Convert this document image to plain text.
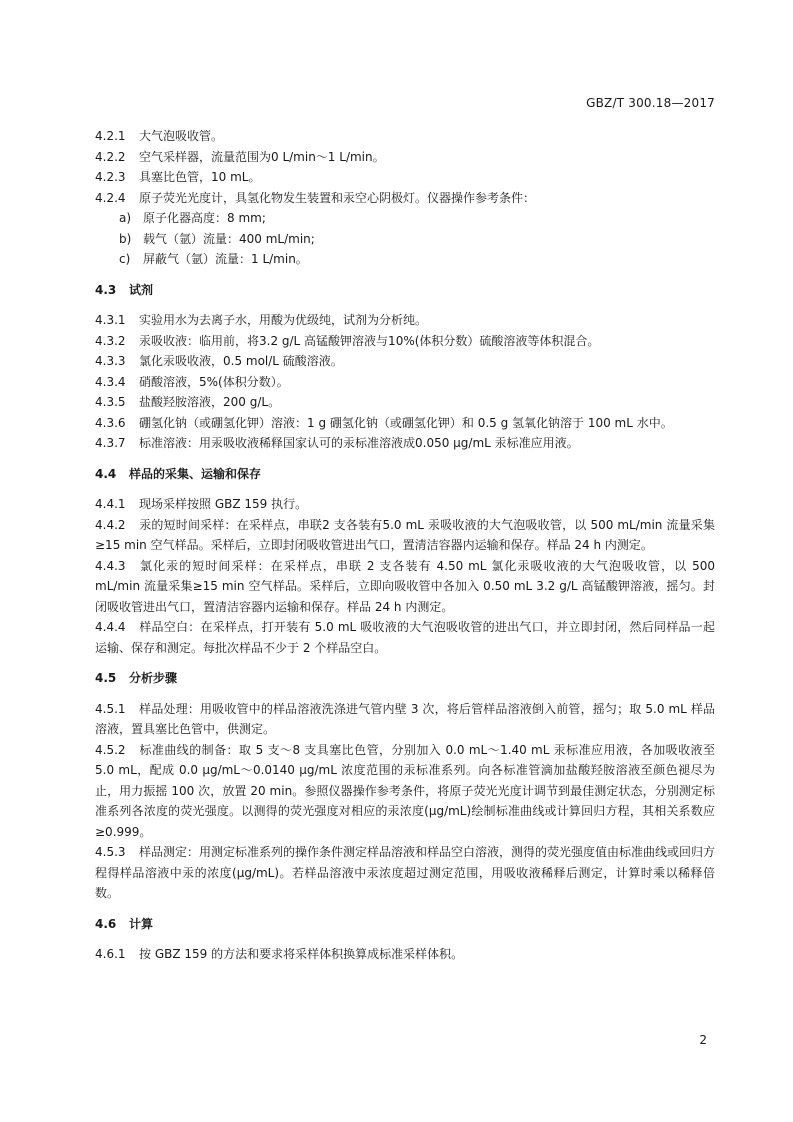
GBZ/T 300.18—2017

4.2.1 大气泡吸收管。

4.2.2 空气采样器，流量范围为0 L/min～1 L/min。

4.2.3 具塞比色管，10 mL。

4.2.4 原子荧光光度计，具氢化物发生装置和汞空心阴极灯。仪器操作参考条件：

a) 原子化器高度：8 mm;

b) 载气（氩）流量：400 mL/min;

c) 屏蔽气（氩）流量：1 L/min。

4.3 试剂

4.3.1 实验用水为去离子水，用酸为优级纯，试剂为分析纯。

4.3.2 汞吸收液：临用前，将3.2 g/L 高锰酸钾溶液与10%(体积分数）硫酸溶液等体积混合。

4.3.3 氯化汞吸收液，0.5 mol/L 硫酸溶液。

4.3.4 硝酸溶液，5%(体积分数）。

4.3.5 盐酸羟胺溶液，200 g/L。

4.3.6 硼氢化钠（或硼氢化钾）溶液：1 g 硼氢化钠（或硼氢化钾）和 0.5 g 氢氧化钠溶于 100 mL 水中。

4.3.7 标准溶液：用汞吸收液稀释国家认可的汞标准溶液成0.050 μg/mL 汞标准应用液。

4.4 样品的采集、运输和保存

4.4.1 现场采样按照 GBZ 159 执行。

4.4.2 汞的短时间采样：在采样点，串联2 支各装有5.0 mL 汞吸收液的大气泡吸收管，以 500 mL/min 流量采集≥15 min 空气样品。采样后，立即封闭吸收管进出气口，置清洁容器内运输和保存。样品 24 h 内测定。

4.4.3 氯化汞的短时间采样：在采样点，串联 2 支各装有 4.50 mL 氯化汞吸收液的大气泡吸收管，以 500 mL/min 流量采集≥15 min 空气样品。采样后，立即向吸收管中各加入 0.50 mL 3.2 g/L 高锰酸钾溶液，摇匀。封闭吸收管进出气口，置清洁容器内运输和保存。样品 24 h 内测定。

4.4.4 样品空白：在采样点，打开装有 5.0 mL 吸收液的大气泡吸收管的进出气口，并立即封闭，然后同样品一起运输、保存和测定。每批次样品不少于 2 个样品空白。

4.5 分析步骤

4.5.1 样品处理：用吸收管中的样品溶液洗涤进气管内壁 3 次，将后管样品溶液倒入前管，摇匀；取 5.0 mL 样品溶液，置具塞比色管中，供测定。

4.5.2 标准曲线的制备：取 5 支～8 支具塞比色管，分别加入 0.0 mL～1.40 mL 汞标准应用液，各加吸收液至 5.0 mL，配成 0.0 μg/mL～0.0140 μg/mL 浓度范围的汞标准系列。向各标准管滴加盐酸羟胺溶液至颜色褪尽为止，用力振摇 100 次，放置 20 min。参照仪器操作参考条件，将原子荧光光度计调节到最佳测定状态，分别测定标准系列各浓度的荧光强度。以测得的荧光强度对相应的汞浓度(μg/mL)绘制标准曲线或计算回归方程，其相关系数应≥0.999。

4.5.3 样品测定：用测定标准系列的操作条件测定样品溶液和样品空白溶液，测得的荧光强度值由标准曲线或回归方程得样品溶液中汞的浓度(μg/mL)。若样品溶液中汞浓度超过测定范围，用吸收液稀释后测定，计算时乘以稀释倍数。

4.6 计算

4.6.1 按 GBZ 159 的方法和要求将采样体积换算成标准采样体积。

2
